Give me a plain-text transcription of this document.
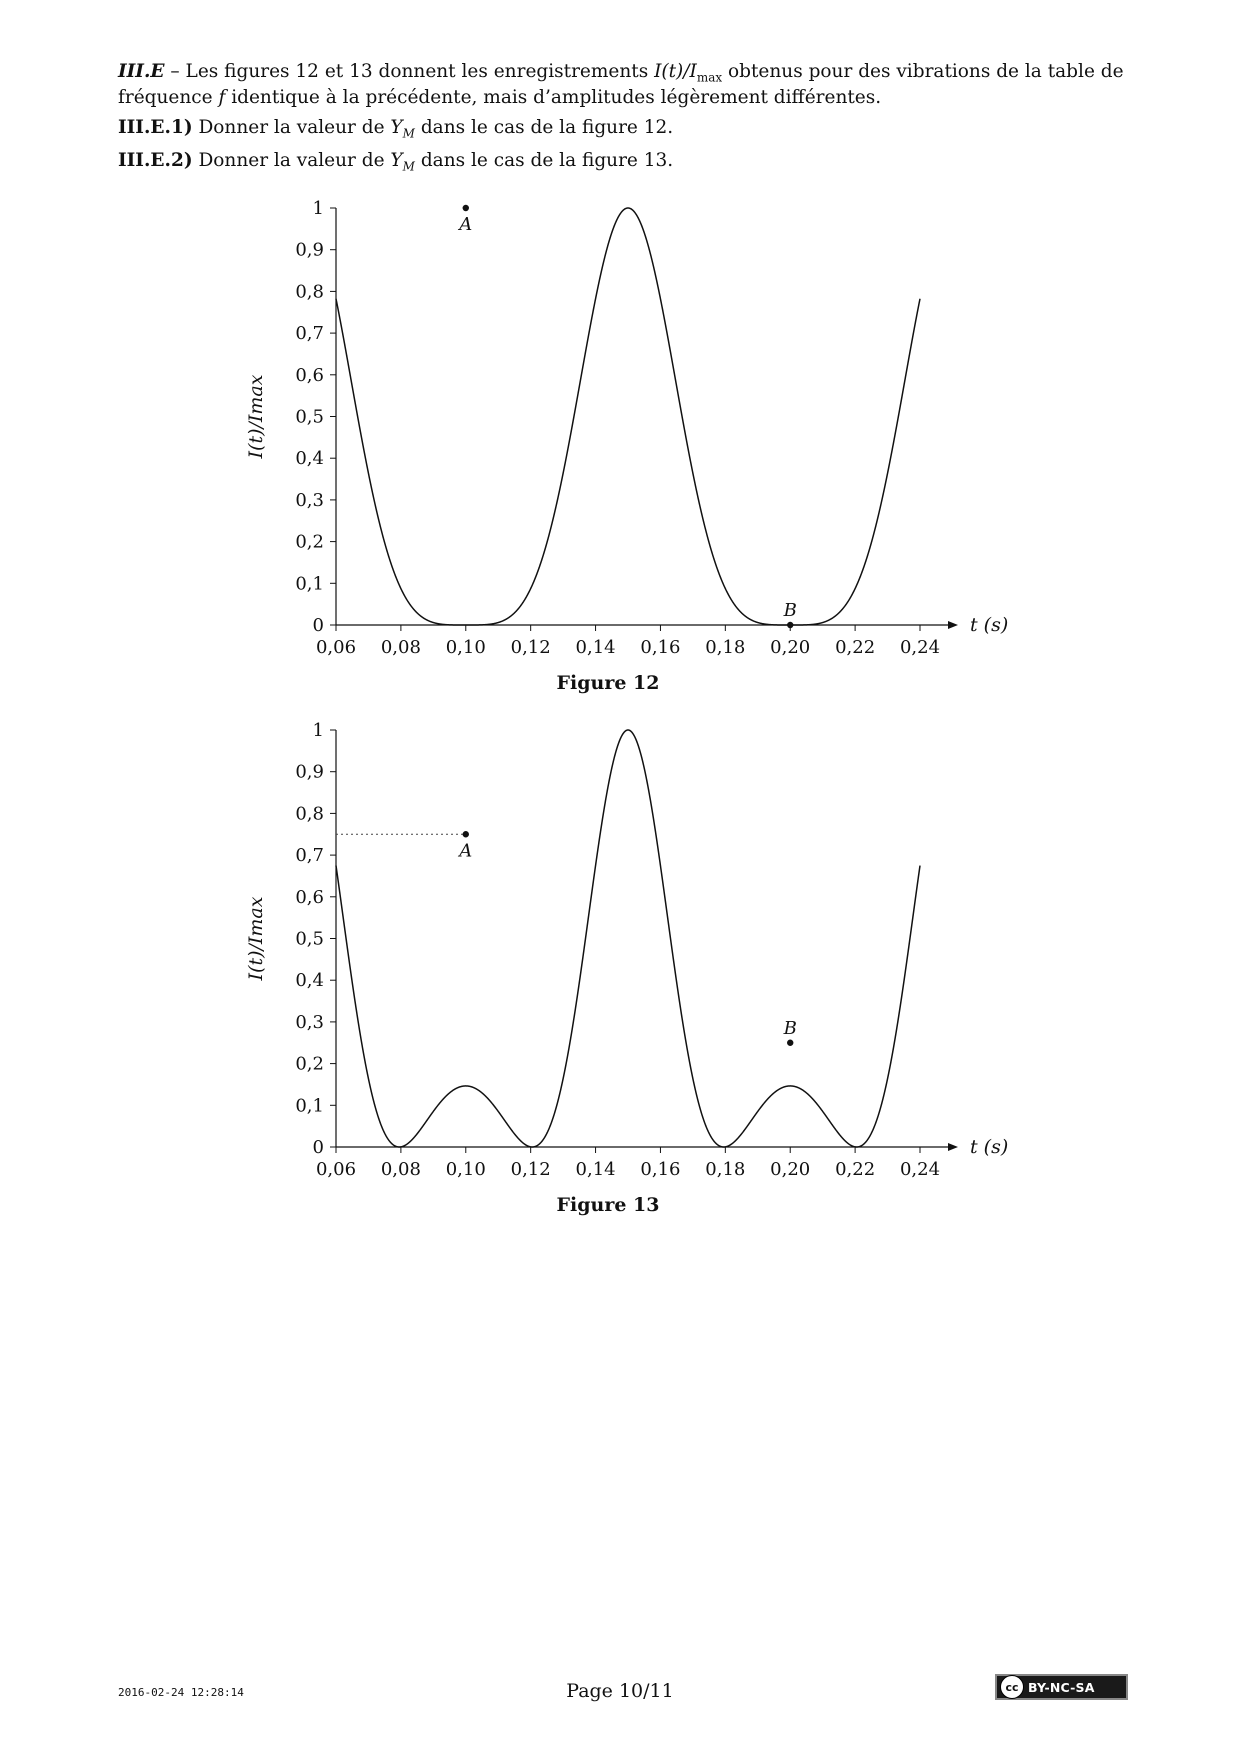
III.E – Les figures 12 et 13 donnent les enregistrements $I(t)/I_{max}$ obtenus pour des vibrations de la table de fréquence f identique à la précédente, mais d’amplitudes légèrement différentes.
III.E.1) Donner la valeur de $Y_M$ dans le cas de la figure 12.
III.E.2) Donner la valeur de $Y_M$ dans le cas de la figure 13.
0
0,1
0,2
0,3
0,4
0,5
0,6
0,7
0,8
0,9
1
0,06 0,08 0,10 0,12 0,14 0,16 0,18 0,20 0,22 0,24
t (s)
I(t)/Imax
A
B
Figure 12
0
0,1
0,2
0,3
0,4
0,5
0,6
0,7
0,8
0,9
1
0,06 0,08 0,10 0,12 0,14 0,16 0,18 0,20 0,22 0,24
t (s)
I(t)/Imax
A
B
Figure 13
2016-02-24 12:28:14	Page 10/11	cc BY-NC-SA
